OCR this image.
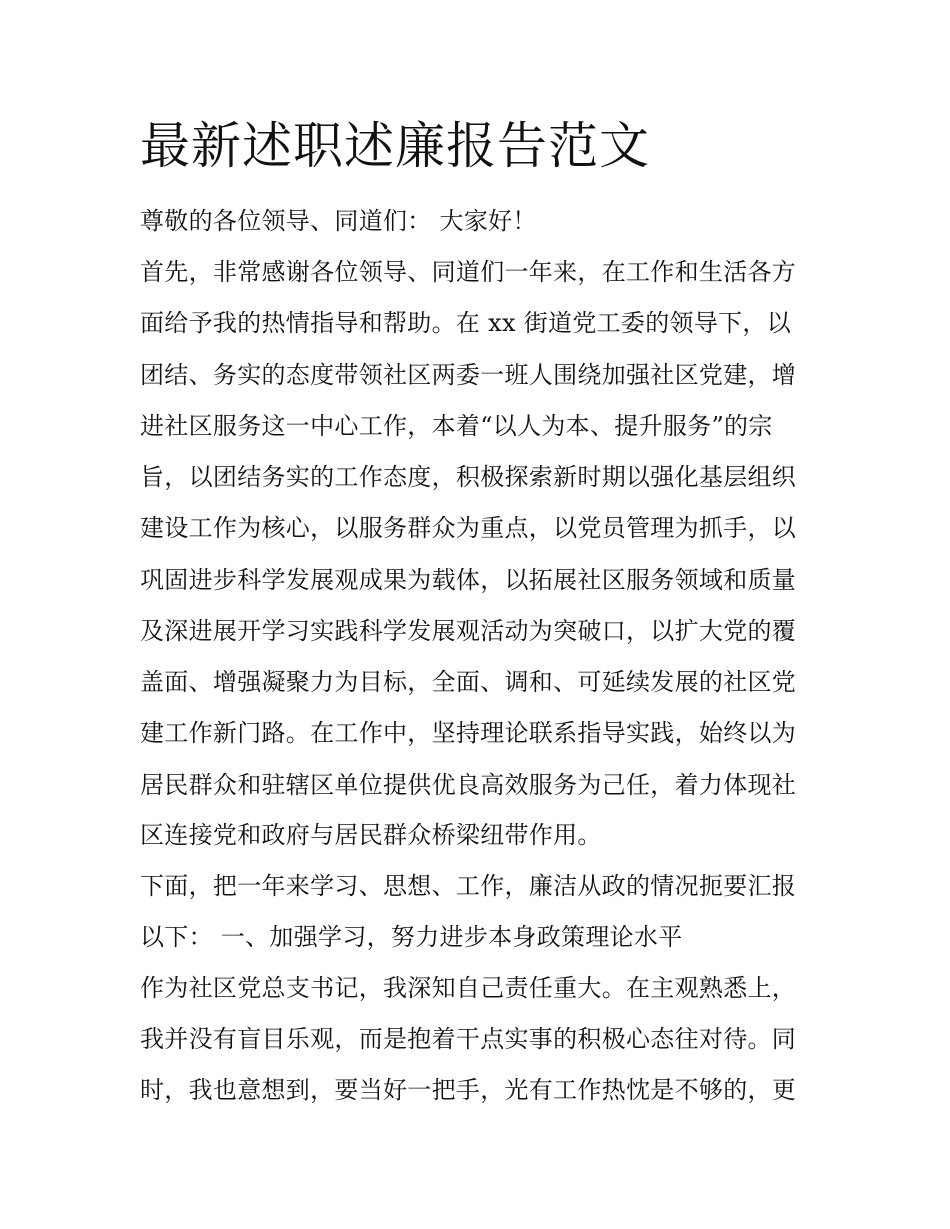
最新述职述廉报告范文
尊敬的各位领导、同道们： 大家好！
首先，非常感谢各位领导、同道们一年来，在工作和生活各方
面给予我的热情指导和帮助。在 xx 街道党工委的领导下，以
团结、务实的态度带领社区两委一班人围绕加强社区党建，增
进社区服务这一中心工作，本着“以人为本、提升服务”的宗
旨，以团结务实的工作态度，积极探索新时期以强化基层组织
建设工作为核心，以服务群众为重点，以党员管理为抓手，以
巩固进步科学发展观成果为载体，以拓展社区服务领域和质量
及深进展开学习实践科学发展观活动为突破口，以扩大党的覆
盖面、增强凝聚力为目标，全面、调和、可延续发展的社区党
建工作新门路。在工作中，坚持理论联系指导实践，始终以为
居民群众和驻辖区单位提供优良高效服务为己任，着力体现社
区连接党和政府与居民群众桥梁纽带作用。
下面，把一年来学习、思想、工作，廉洁从政的情况扼要汇报
以下： 一、加强学习，努力进步本身政策理论水平
作为社区党总支书记，我深知自己责任重大。在主观熟悉上，
我并没有盲目乐观，而是抱着干点实事的积极心态往对待。同
时，我也意想到，要当好一把手，光有工作热忱是不够的，更
